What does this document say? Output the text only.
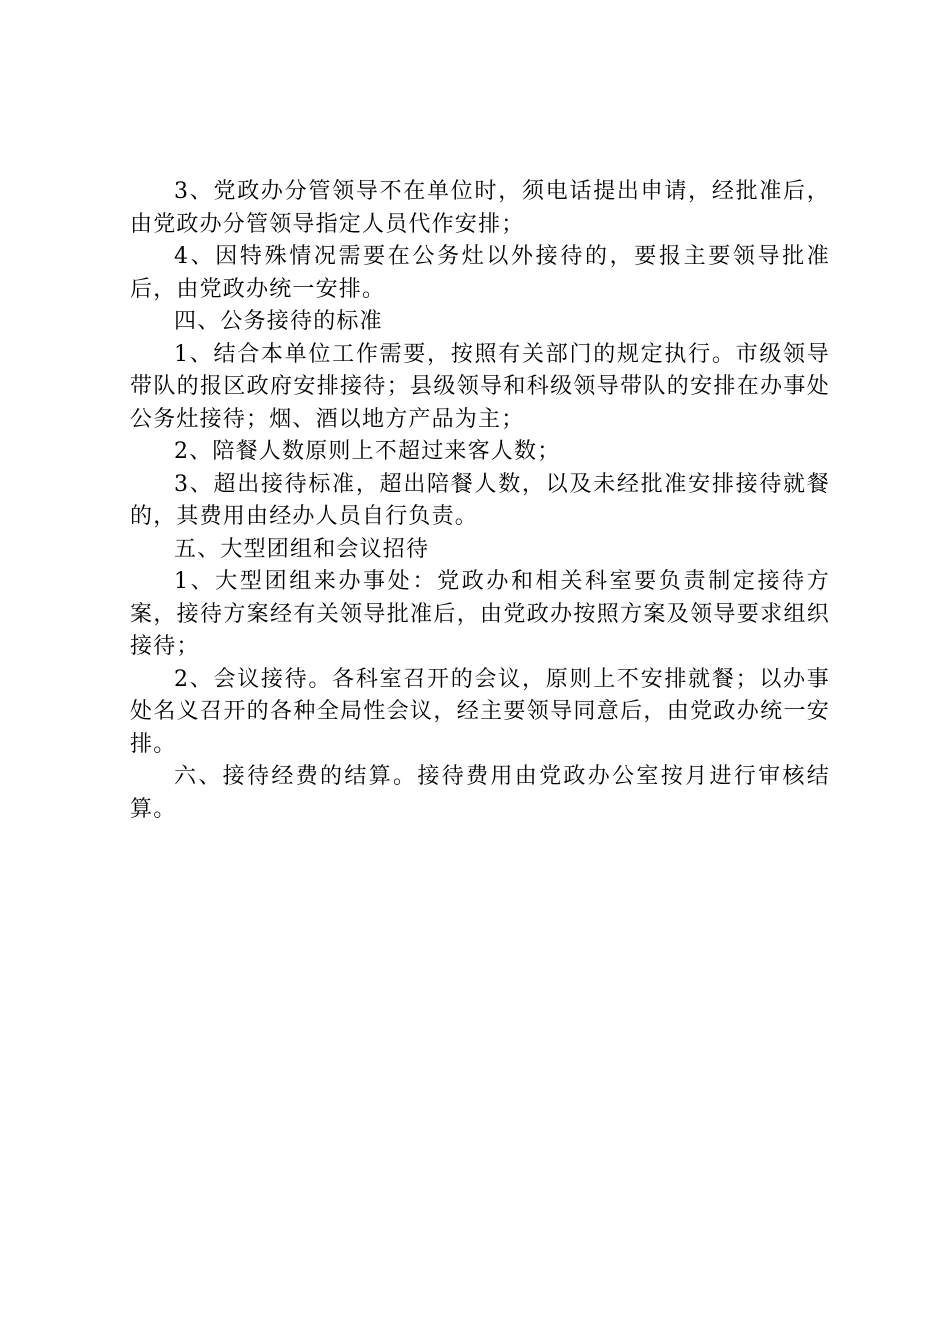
3、党政办分管领导不在单位时，须电话提出申请，经批准后，由党政办分管领导指定人员代作安排；

4、因特殊情况需要在公务灶以外接待的，要报主要领导批准后，由党政办统一安排。

四、公务接待的标准

1、结合本单位工作需要，按照有关部门的规定执行。市级领导带队的报区政府安排接待；县级领导和科级领导带队的安排在办事处公务灶接待；烟、酒以地方产品为主；

2、陪餐人数原则上不超过来客人数；

3、超出接待标准，超出陪餐人数，以及未经批准安排接待就餐的，其费用由经办人员自行负责。

五、大型团组和会议招待

1、大型团组来办事处：党政办和相关科室要负责制定接待方案，接待方案经有关领导批准后，由党政办按照方案及领导要求组织接待；

2、会议接待。各科室召开的会议，原则上不安排就餐；以办事处名义召开的各种全局性会议，经主要领导同意后，由党政办统一安排。

六、接待经费的结算。接待费用由党政办公室按月进行审核结算。
